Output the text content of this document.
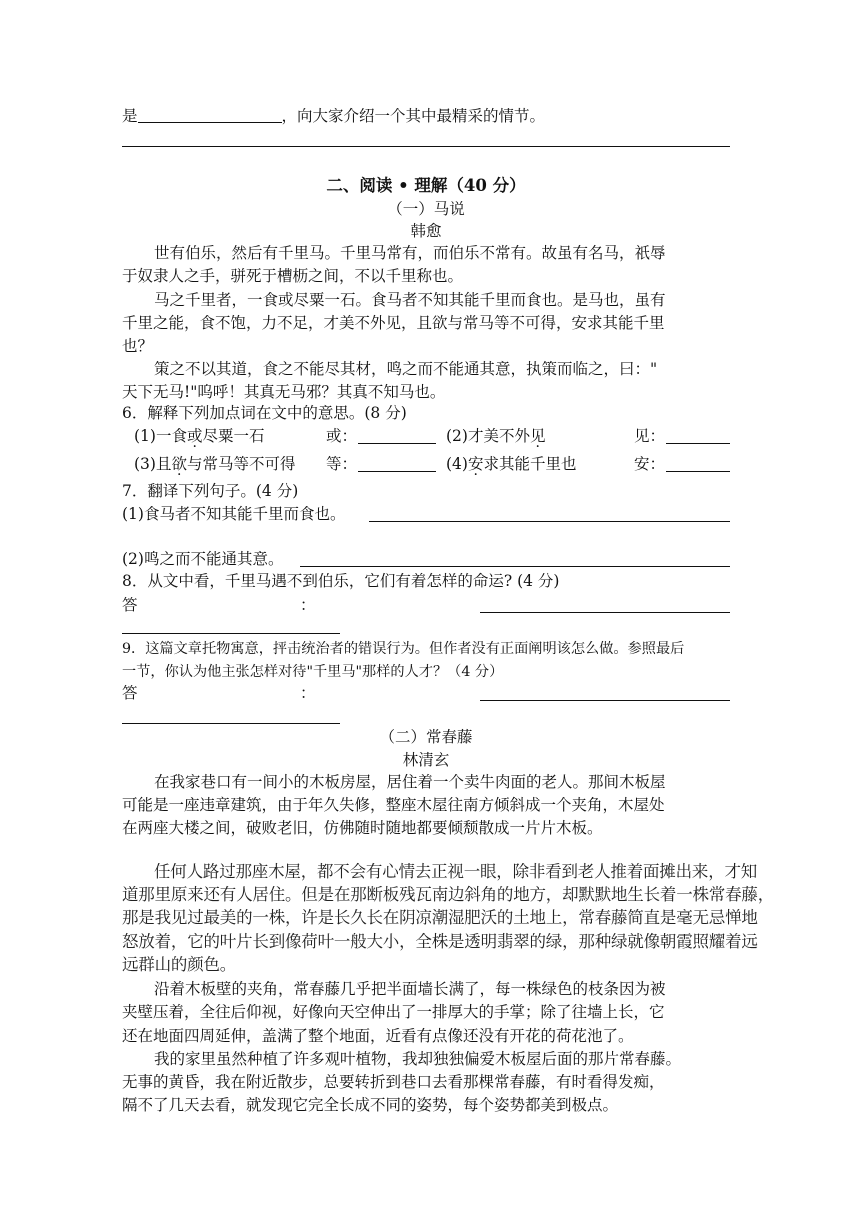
是	，向大家介绍一个其中最精采的情节。
二、阅读 • 理解（40 分）
（一）马说
韩愈
世有伯乐，然后有千里马。千里马常有，而伯乐不常有。故虽有名马，祇辱
于奴隶人之手，骈死于槽枥之间，不以千里称也。
马之千里者，一食或尽粟一石。食马者不知其能千里而食也。是马也，虽有
千里之能，食不饱，力不足，才美不外见，且欲与常马等不可得，安求其能千里
也？
策之不以其道，食之不能尽其材，鸣之而不能通其意，执策而临之，曰："
天下无马!"呜呼！其真无马邪？其真不知马也。
6．解释下列加点词在文中的意思。(8 分)
(1)一食或尽粟一石	或：	(2)才美不外见	见：
(3)且欲与常马等不可得 等：	(4)安求其能千里也	安：
7．翻译下列句子。(4 分)
(1)食马者不知其能千里而食也。
(2)鸣之而不能通其意。
8．从文中看，千里马遇不到伯乐，它们有着怎样的命运? (4 分)
答	：
9．这篇文章托物寓意，抨击统治者的错误行为。但作者没有正面阐明该怎么做。参照最后
一节，你认为他主张怎样对待"千里马"那样的人才？（4 分）
答	：
（二）常春藤
林清玄
在我家巷口有一间小的木板房屋，居住着一个卖牛肉面的老人。那间木板屋
可能是一座违章建筑，由于年久失修，整座木屋往南方倾斜成一个夹角，木屋处
在两座大楼之间，破败老旧，仿佛随时随地都要倾颓散成一片片木板。
任何人路过那座木屋，都不会有心情去正视一眼，除非看到老人推着面摊出来，才知
道那里原来还有人居住。但是在那断板残瓦南边斜角的地方，却默默地生长着一株常春藤，
那是我见过最美的一株，许是长久长在阴凉潮湿肥沃的土地上，常春藤简直是毫无忌惮地
怒放着，它的叶片长到像荷叶一般大小，全株是透明翡翠的绿，那种绿就像朝霞照耀着远
远群山的颜色。
沿着木板壁的夹角，常春藤几乎把半面墙长满了，每一株绿色的枝条因为被
夹壁压着，全往后仰视，好像向天空伸出了一排厚大的手掌；除了往墙上长，它
还在地面四周延伸，盖满了整个地面，近看有点像还没有开花的荷花池了。
我的家里虽然种植了许多观叶植物，我却独独偏爱木板屋后面的那片常春藤。
无事的黄昏，我在附近散步，总要转折到巷口去看那棵常春藤，有时看得发痴，
隔不了几天去看，就发现它完全长成不同的姿势，每个姿势都美到极点。
